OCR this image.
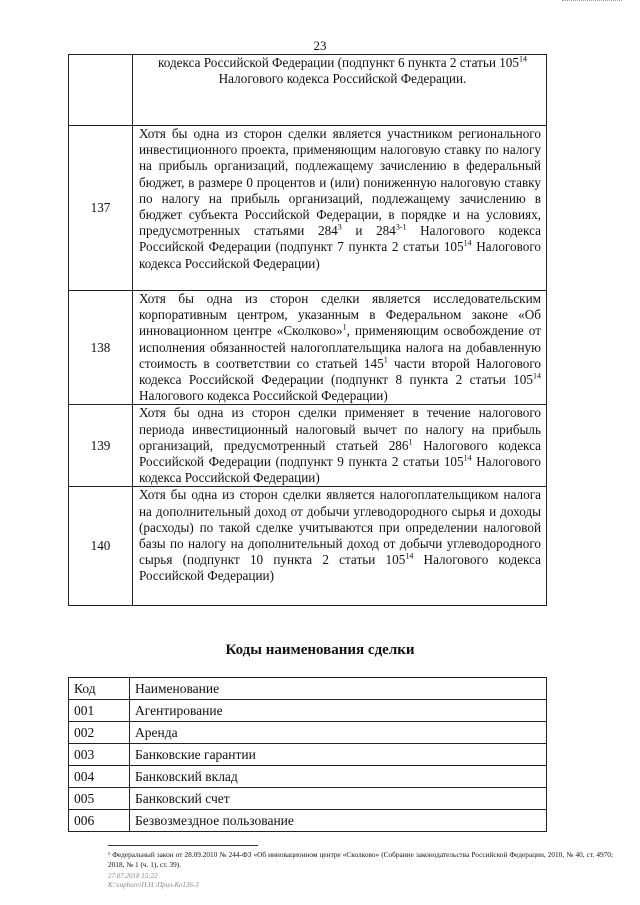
23
	кодекса Российской Федерации (подпункт 6 пункта 2 статьи $105^{14}$ Налогового кодекса Российской Федерации.
137	Хотя бы одна из сторон сделки является участником регионального инвестиционного проекта, применяющим налоговую ставку по налогу на прибыль организаций, подлежащему зачислению в федеральный бюджет, в размере 0 процентов и (или) пониженную налоговую ставку по налогу на прибыль организаций, подлежащему зачислению в бюджет субъекта Российской Федерации, в порядке и на условиях, предусмотренных статьями $284^3$ и 284$^{3-1}$ Налогового кодекса Российской Федерации (подпункт 7 пункта 2 статьи $105^{14}$ Налогового кодекса Российской Федерации)
138	Хотя бы одна из сторон сделки является исследовательским корпоративным центром, указанным в Федеральном законе «Об инновационном центре «Сколково»$^1$, применяющим освобождение от исполнения обязанностей налогоплательщика налога на добавленную стоимость в соответствии со статьей $145^1$ части второй Налогового кодекса Российской Федерации (подпункт 8 пункта 2 статьи $105^{14}$ Налогового кодекса Российской Федерации)
139	Хотя бы одна из сторон сделки применяет в течение налогового периода инвестиционный налоговый вычет по налогу на прибыль организаций, предусмотренный статьей $286^1$ Налогового кодекса Российской Федерации (подпункт 9 пункта 2 статьи $105^{14}$ Налогового кодекса Российской Федерации)
140	Хотя бы одна из сторон сделки является налогоплательщиком налога на дополнительный доход от добычи углеводородного сырья и доходы (расходы) по такой сделке учитываются при определении налоговой базы по налогу на дополнительный доход от добычи углеводородного сырья (подпункт 10 пункта 2 статьи $105^{14}$ Налогового кодекса Российской Федерации)
Коды наименования сделки
Код	Наименование
001	Агентирование
002	Аренда
003	Банковские гарантии
004	Банковский вклад
005	Банковский счет
006	Безвозмездное пользование
¹ Федеральный закон от 28.09.2010 № 244-ФЗ «Об инновационном центре «Сколково» (Собрание законодательства Российской Федерации, 2010, № 40, ст. 4970; 2018, № 1 (ч. 1), ст. 39).
27.07.2018 15:22
К:\supburo\Н.Н.\Прил-Ко126-3
